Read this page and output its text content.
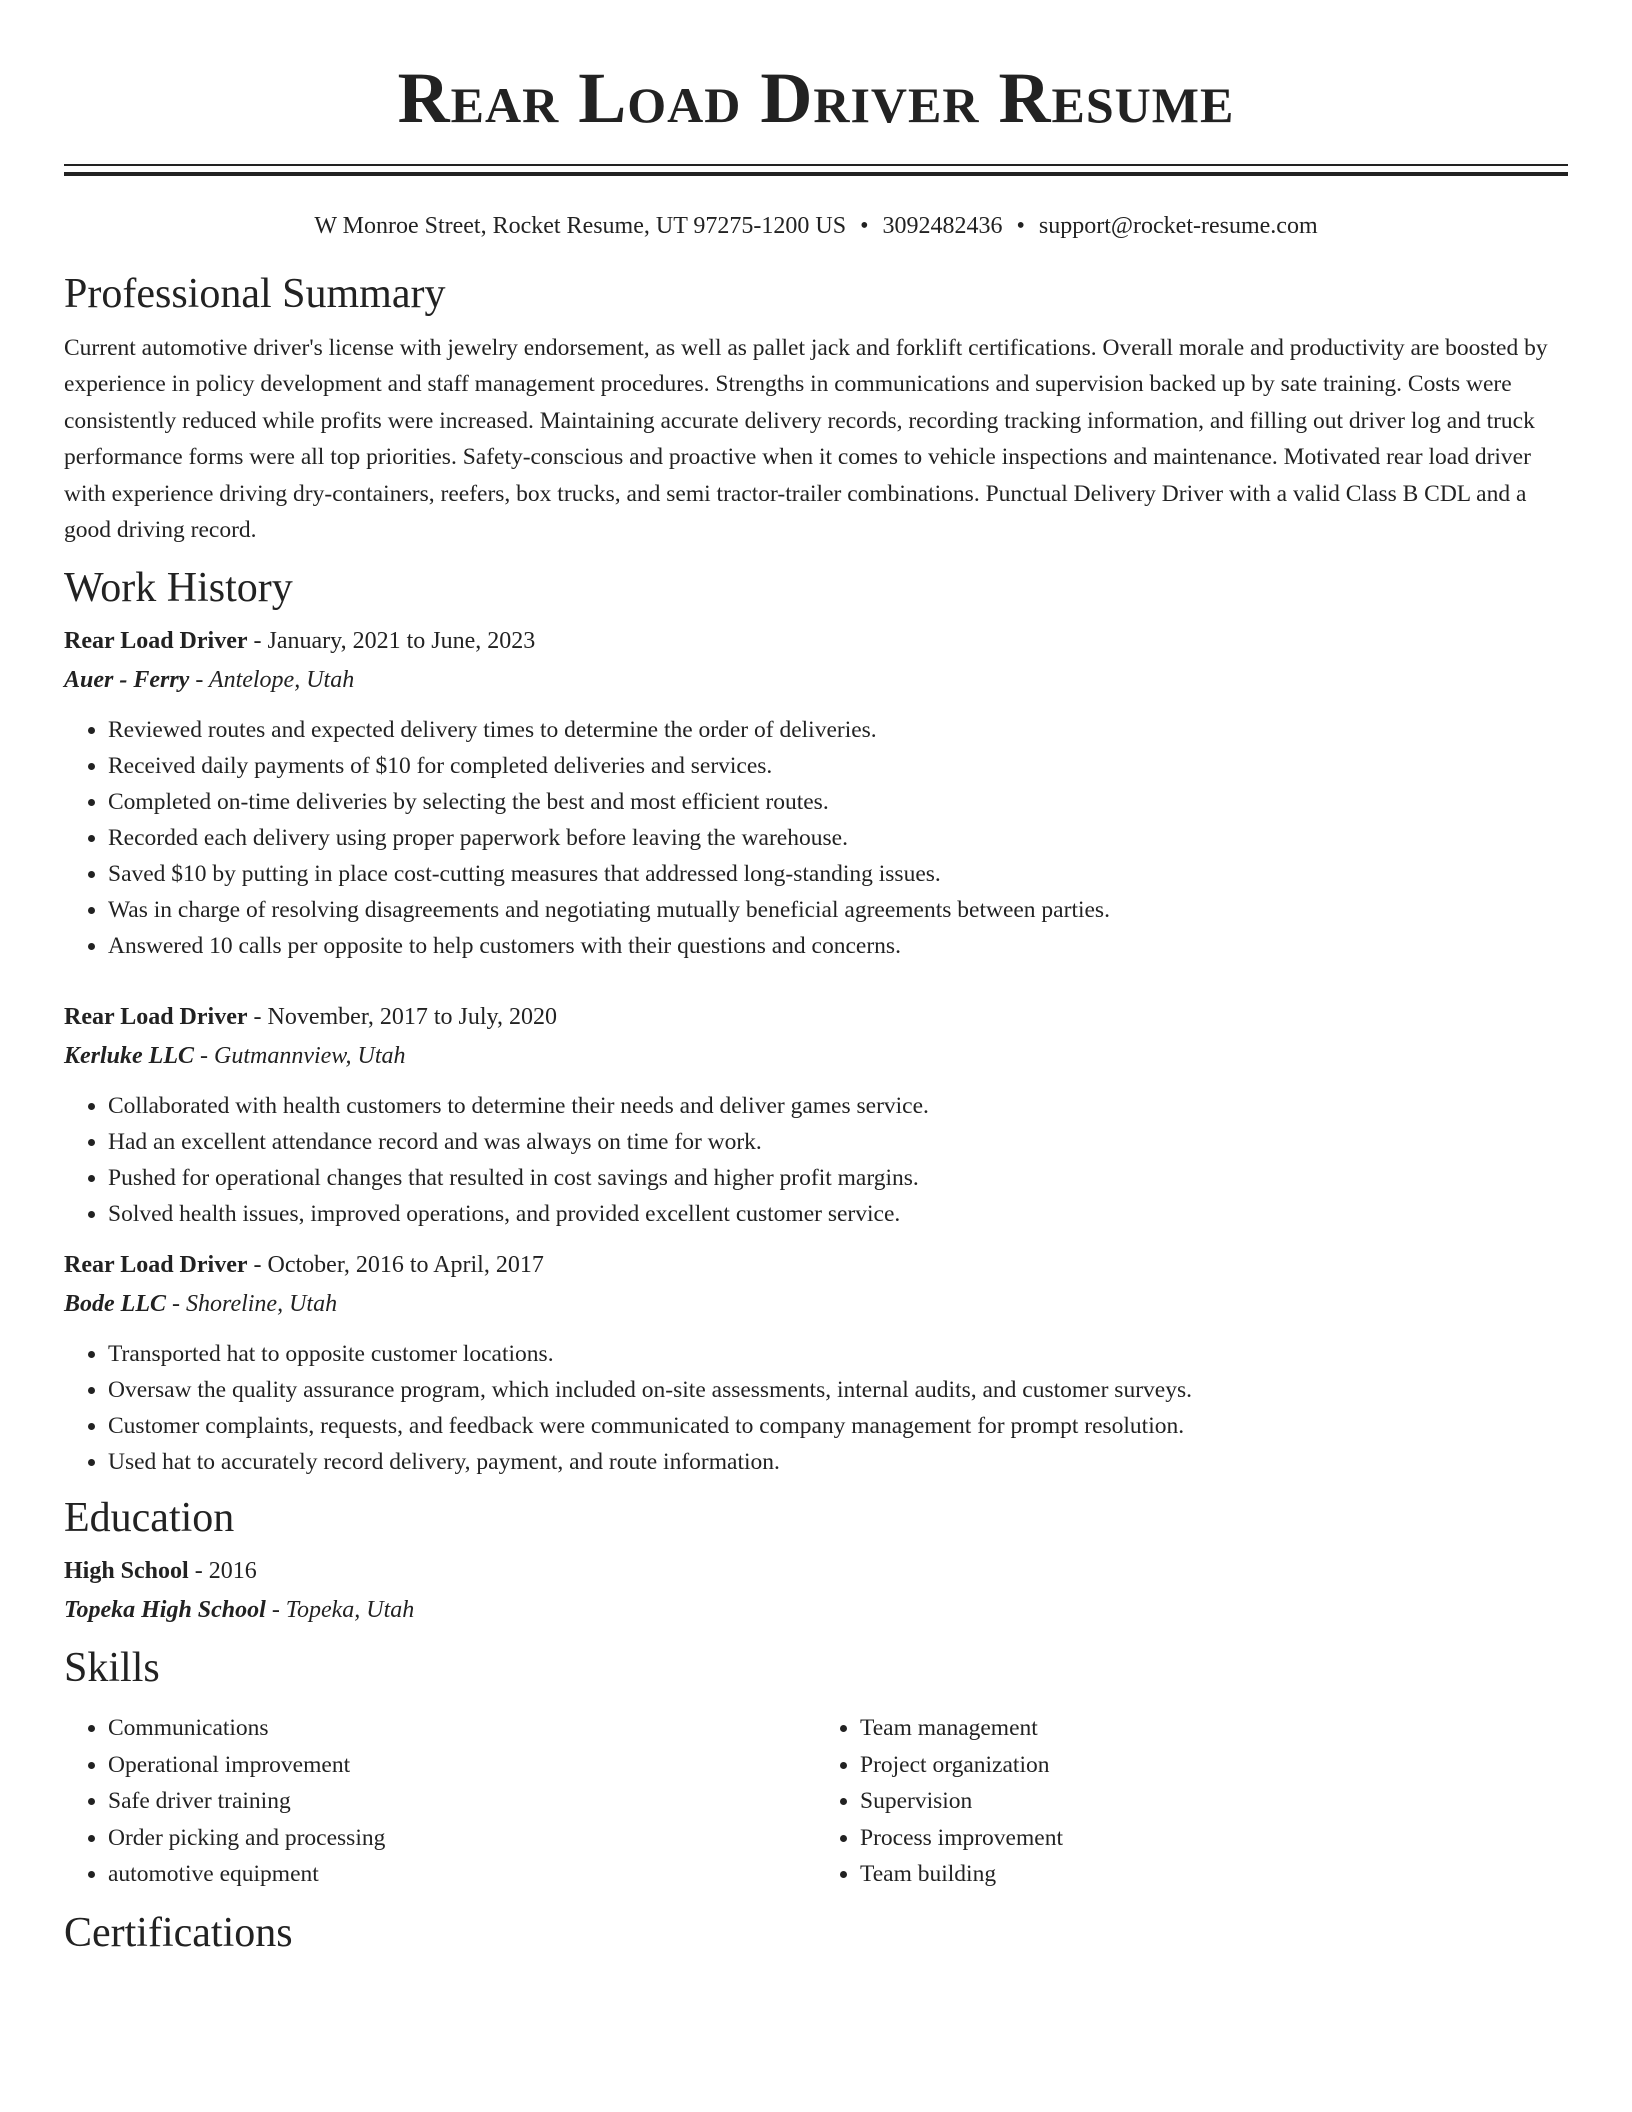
Rear Load Driver Resume
W Monroe Street, Rocket Resume, UT 97275-1200 US • 3092482436 • support@rocket-resume.com
Professional Summary

Current automotive driver's license with jewelry endorsement, as well as pallet jack and forklift certifications. Overall morale and productivity are boosted by experience in policy development and staff management procedures. Strengths in communications and supervision backed up by sate training. Costs were consistently reduced while profits were increased. Maintaining accurate delivery records, recording tracking information, and filling out driver log and truck performance forms were all top priorities. Safety-conscious and proactive when it comes to vehicle inspections and maintenance. Motivated rear load driver with experience driving dry-containers, reefers, box trucks, and semi tractor-trailer combinations. Punctual Delivery Driver with a valid Class B CDL and a good driving record.

Work History
Rear Load Driver - January, 2021 to June, 2023
Auer - Ferry - Antelope, Utah
• Reviewed routes and expected delivery times to determine the order of deliveries.
• Received daily payments of $10 for completed deliveries and services.
• Completed on-time deliveries by selecting the best and most efficient routes.
• Recorded each delivery using proper paperwork before leaving the warehouse.
• Saved $10 by putting in place cost-cutting measures that addressed long-standing issues.
• Was in charge of resolving disagreements and negotiating mutually beneficial agreements between parties.
• Answered 10 calls per opposite to help customers with their questions and concerns.
Rear Load Driver - November, 2017 to July, 2020
Kerluke LLC - Gutmannview, Utah
• Collaborated with health customers to determine their needs and deliver games service.
• Had an excellent attendance record and was always on time for work.
• Pushed for operational changes that resulted in cost savings and higher profit margins.
• Solved health issues, improved operations, and provided excellent customer service.
Rear Load Driver - October, 2016 to April, 2017
Bode LLC - Shoreline, Utah
• Transported hat to opposite customer locations.
• Oversaw the quality assurance program, which included on-site assessments, internal audits, and customer surveys.
• Customer complaints, requests, and feedback were communicated to company management for prompt resolution.
• Used hat to accurately record delivery, payment, and route information.
Education
High School - 2016
Topeka High School - Topeka, Utah
Skills
• Communications
• Operational improvement
• Safe driver training
• Order picking and processing
• automotive equipment
• Team management
• Project organization
• Supervision
• Process improvement
• Team building
Certifications
